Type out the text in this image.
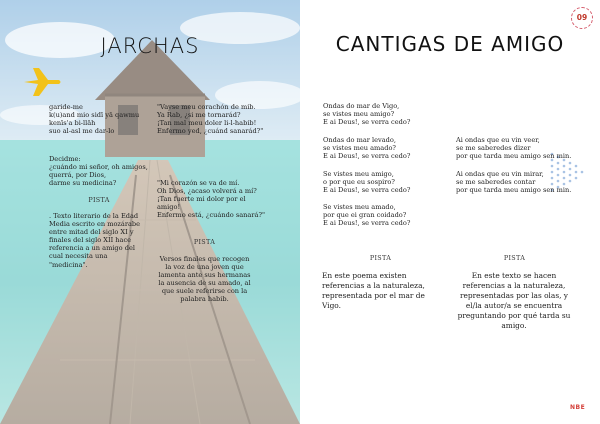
JARCHAS
garide-me
k(u)and mio sidī yā qawmu
kenīs'a bi-llāh
suo al-asl me dar-lo
Decidme:
¿cuándo mi señor, oh amigos,
querrá, por Dios,
darme su medicina?
PISTA
. Texto literario de la Edad Media escrito en mozárabe entre mitad del siglo XI y finales del siglo XII hace referencia a un amigo del cual necesita una "medicina".
"Vayse meu corachón de mib.
Ya Rab, ¿si me tornarád?
¡Tan mal meu doler li-l-habib!
Enfermo yed, ¿cuánd sanarád?"
"Mi corazón se va de mí.
Oh Dios, ¿acaso volverá a mí?
¡Tan fuerte mi dolor por el amigo!
Enfermo está, ¿cuándo sanará?"
PISTA
Versos finales que recogen la voz de una joven que lamenta ante sus hermanas la ausencia de su amado, al que suele referirse con la palabra habib.
09
CANTIGAS DE AMIGO
Ondas do mar de Vigo,
se vistes meu amigo?
E ai Deus!, se verra cedo?
Ondas do mar levado,
se vistes meu amado?
E ai Deus!, se verra cedo?
Se vistes meu amigo,
o por que eu sospiro?
E ai Deus!, se verra cedo?
Se vistes meu amado,
por que ei gran coidado?
E ai Deus!, se verra cedo?
Ai ondas que eu vin veer,
se me saberedes dizer
por que tarda meu amigo sen min.
Ai ondas que eu vin mirar,
se me saberedes contar
por que tarda meu amigo sen min.
PISTA
En este poema existen referencias a la naturaleza, representada por el mar de Vigo.
PISTA
En este texto se hacen referencias a la naturaleza, representadas por las olas, y el/la autor/a se encuentra preguntando por qué tarda su amigo.
NBE
